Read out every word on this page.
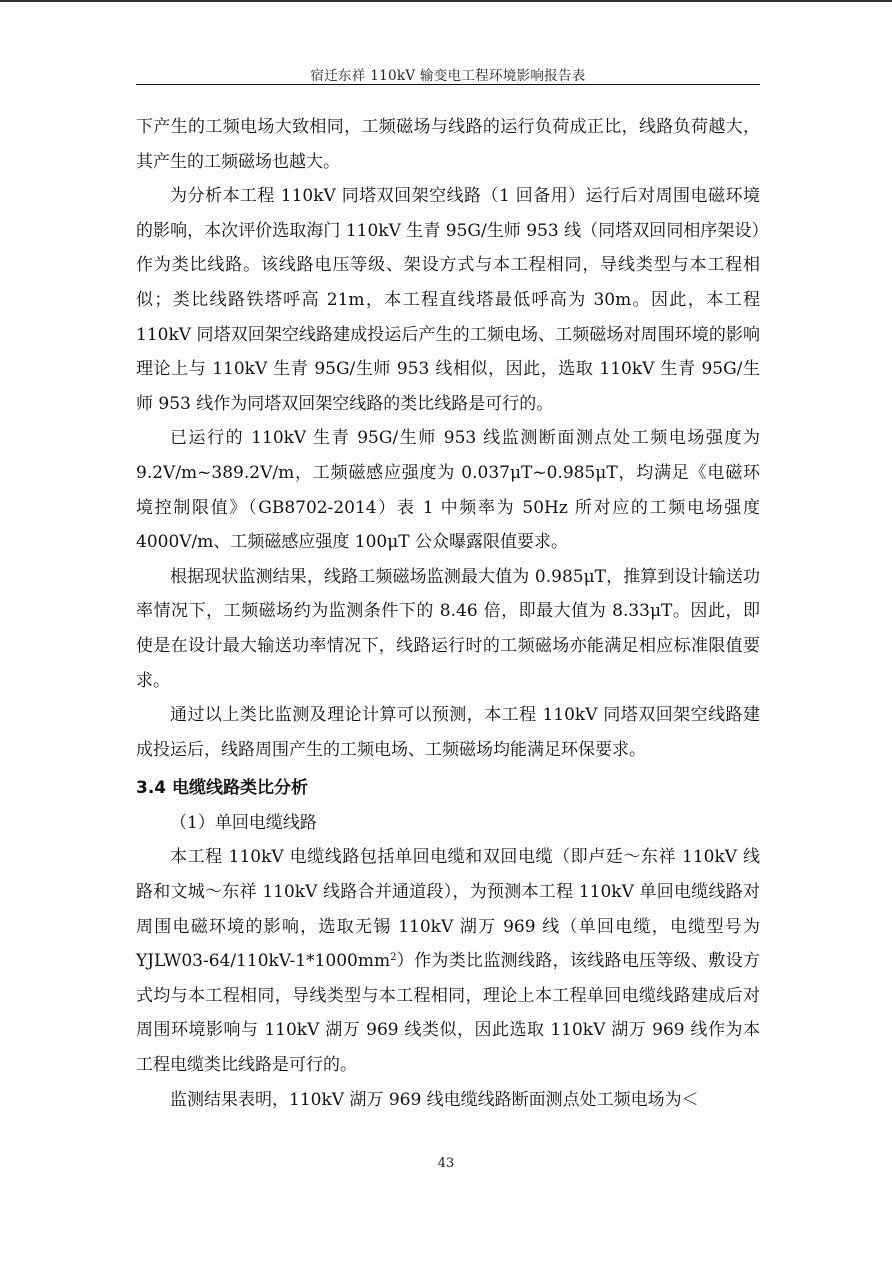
宿迁东祥 110kV 输变电工程环境影响报告表

下产生的工频电场大致相同，工频磁场与线路的运行负荷成正比，线路负荷越大，其产生的工频磁场也越大。

为分析本工程 110kV 同塔双回架空线路（1 回备用）运行后对周围电磁环境的影响，本次评价选取海门 110kV 生青 95G/生师 953 线（同塔双回同相序架设）作为类比线路。该线路电压等级、架设方式与本工程相同，导线类型与本工程相似；类比线路铁塔呼高 21m，本工程直线塔最低呼高为 30m。因此，本工程 110kV 同塔双回架空线路建成投运后产生的工频电场、工频磁场对周围环境的影响理论上与 110kV 生青 95G/生师 953 线相似，因此，选取 110kV 生青 95G/生师 953 线作为同塔双回架空线路的类比线路是可行的。

已运行的 110kV 生青 95G/生师 953 线监测断面测点处工频电场强度为 9.2V/m~389.2V/m，工频磁感应强度为 0.037μT~0.985μT，均满足《电磁环境控制限值》（GB8702-2014）表 1 中频率为 50Hz 所对应的工频电场强度 4000V/m、工频磁感应强度 100μT 公众曝露限值要求。

根据现状监测结果，线路工频磁场监测最大值为 0.985μT，推算到设计输送功率情况下，工频磁场约为监测条件下的 8.46 倍，即最大值为 8.33μT。因此，即使是在设计最大输送功率情况下，线路运行时的工频磁场亦能满足相应标准限值要求。

通过以上类比监测及理论计算可以预测，本工程 110kV 同塔双回架空线路建成投运后，线路周围产生的工频电场、工频磁场均能满足环保要求。

3.4 电缆线路类比分析

（1）单回电缆线路

本工程 110kV 电缆线路包括单回电缆和双回电缆（即卢廷～东祥 110kV 线路和文城～东祥 110kV 线路合并通道段），为预测本工程 110kV 单回电缆线路对周围电磁环境的影响，选取无锡 110kV 湖万 969 线（单回电缆，电缆型号为 $YJLW03-64/110kV-1*1000mm^2$）作为类比监测线路，该线路电压等级、敷设方式均与本工程相同，导线类型与本工程相同，理论上本工程单回电缆线路建成后对周围环境影响与 110kV 湖万 969 线类似，因此选取 110kV 湖万 969 线作为本工程电缆类比线路是可行的。

监测结果表明，110kV 湖万 969 线电缆线路断面测点处工频电场为＜

43
